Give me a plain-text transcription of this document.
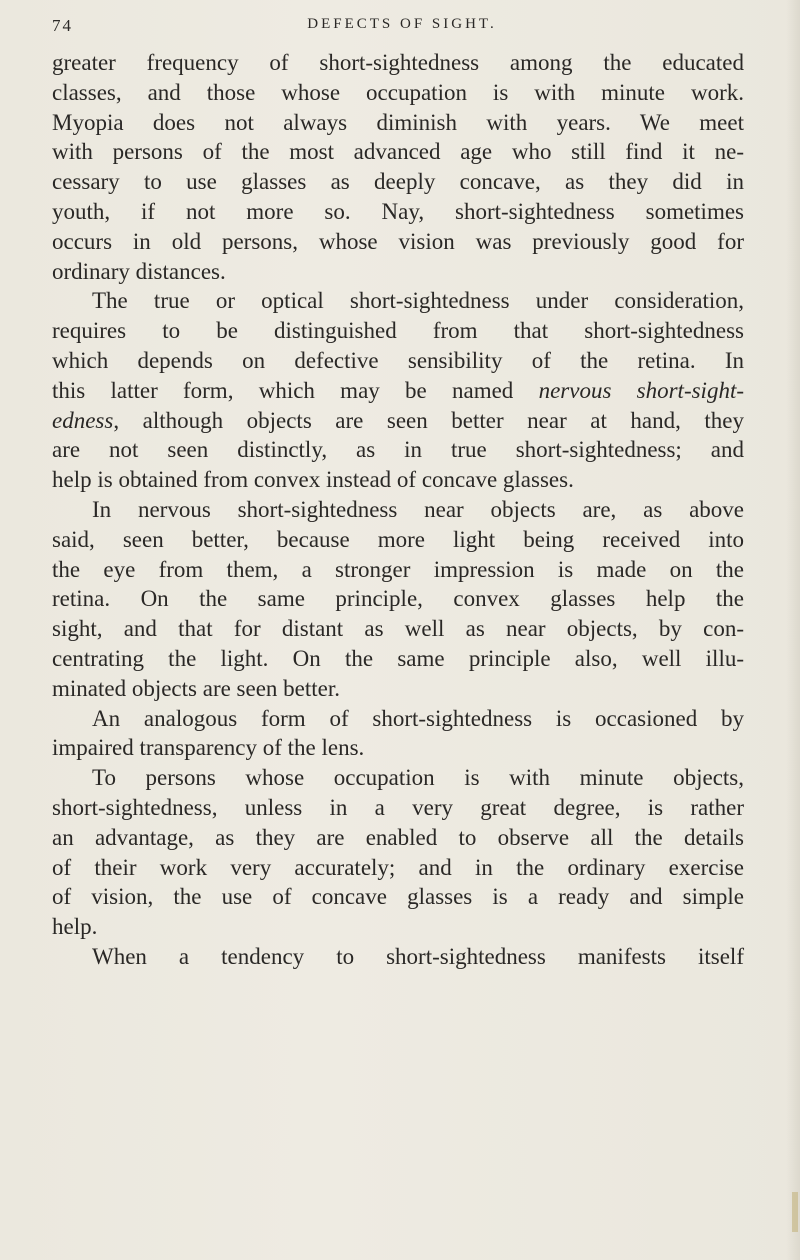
74	DEFECTS OF SIGHT.

greater frequency of short-sightedness among the educated

classes, and those whose occupation is with minute work.

Myopia does not always diminish with years. We meet

with persons of the most advanced age who still find it ne-

cessary to use glasses as deeply concave, as they did in

youth, if not more so. Nay, short-sightedness sometimes

occurs in old persons, whose vision was previously good for

ordinary distances.

The true or optical short-sightedness under consideration,

requires to be distinguished from that short-sightedness

which depends on defective sensibility of the retina. In

this latter form, which may be named nervous short-sight-

edness, although objects are seen better near at hand, they

are not seen distinctly, as in true short-sightedness; and

help is obtained from convex instead of concave glasses.

In nervous short-sightedness near objects are, as above

said, seen better, because more light being received into

the eye from them, a stronger impression is made on the

retina. On the same principle, convex glasses help the

sight, and that for distant as well as near objects, by con-

centrating the light. On the same principle also, well illu-

minated objects are seen better.

An analogous form of short-sightedness is occasioned by

impaired transparency of the lens.

To persons whose occupation is with minute objects,

short-sightedness, unless in a very great degree, is rather

an advantage, as they are enabled to observe all the details

of their work very accurately; and in the ordinary exercise

of vision, the use of concave glasses is a ready and simple

help.

When a tendency to short-sightedness manifests itself
